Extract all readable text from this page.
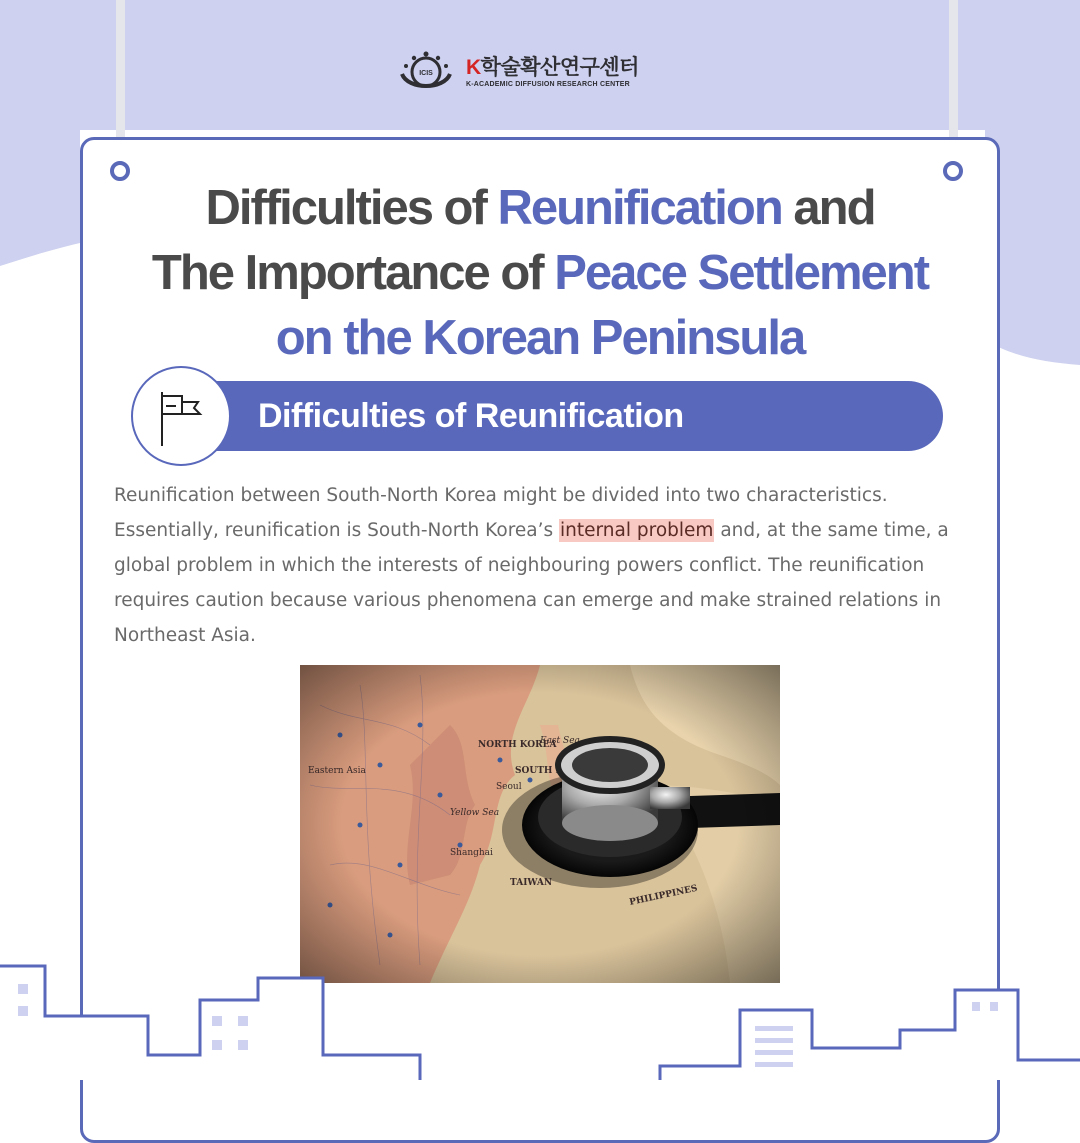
ICIS K학술확산연구센터
K-ACADEMIC DIFFUSION RESEARCH CENTER
Difficulties of Reunification and
The Importance of Peace Settlement
on the Korean Peninsula
Difficulties of Reunification
Reunification between South-North Korea might be divided into two characteristics. Essentially, reunification is South-North Korea’s internal problem and, at the same time, a global problem in which the interests of neighbouring powers conflict. The reunification requires caution because various phenomena can emerge and make strained relations in Northeast Asia.
